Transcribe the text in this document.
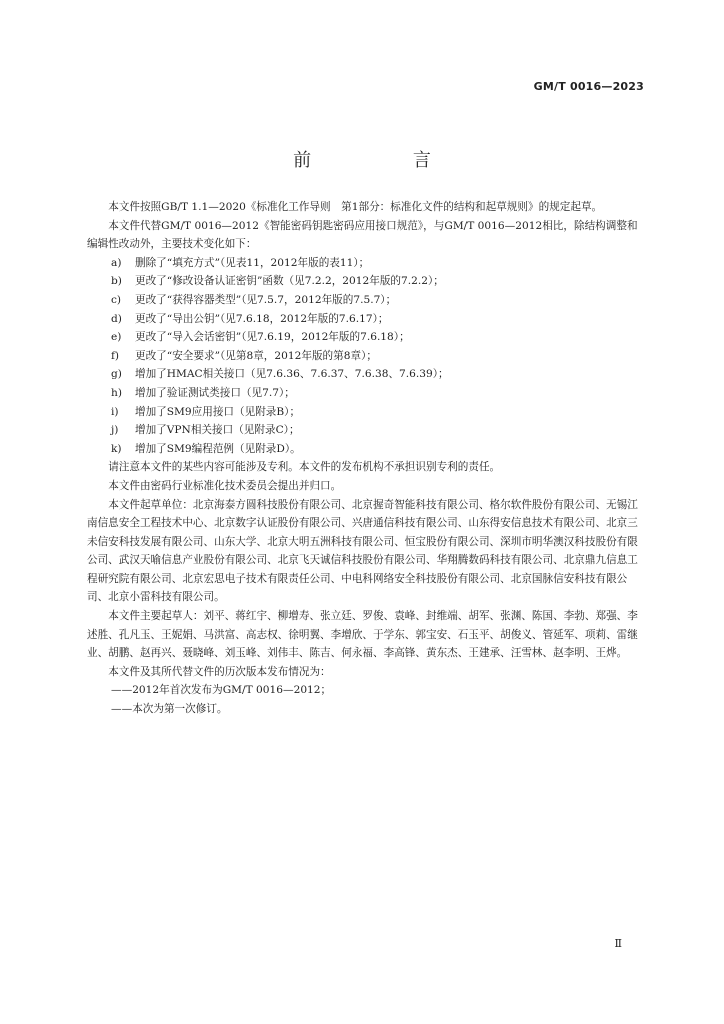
GM/T 0016—2023
前 言

本文件按照GB/T 1.1—2020《标准化工作导则　第1部分：标准化文件的结构和起草规则》的规定起草。

本文件代替GM/T 0016—2012《智能密码钥匙密码应用接口规范》，与GM/T 0016—2012相比，除结构调整和编辑性改动外，主要技术变化如下：

a) 删除了“填充方式”（见表11，2012年版的表11）；
b) 更改了“修改设备认证密钥”函数（见7.2.2，2012年版的7.2.2）；
c) 更改了“获得容器类型”（见7.5.7，2012年版的7.5.7）；
d) 更改了“导出公钥”（见7.6.18，2012年版的7.6.17）；
e) 更改了“导入会话密钥”（见7.6.19，2012年版的7.6.18）；
f) 更改了“安全要求”（见第8章，2012年版的第8章）；
g) 增加了HMAC相关接口（见7.6.36、7.6.37、7.6.38、7.6.39）；
h) 增加了验证测试类接口（见7.7）；
i) 增加了SM9应用接口（见附录B）；
j) 增加了VPN相关接口（见附录C）；
k) 增加了SM9编程范例（见附录D）。

请注意本文件的某些内容可能涉及专利。本文件的发布机构不承担识别专利的责任。

本文件由密码行业标准化技术委员会提出并归口。

本文件起草单位：北京海泰方圆科技股份有限公司、北京握奇智能科技有限公司、格尔软件股份有限公司、无锡江南信息安全工程技术中心、北京数字认证股份有限公司、兴唐通信科技有限公司、山东得安信息技术有限公司、北京三未信安科技发展有限公司、山东大学、北京大明五洲科技有限公司、恒宝股份有限公司、深圳市明华澳汉科技股份有限公司、武汉天喻信息产业股份有限公司、北京飞天诚信科技股份有限公司、华翔腾数码科技有限公司、北京鼎九信息工程研究院有限公司、北京宏思电子技术有限责任公司、中电科网络安全科技股份有限公司、北京国脉信安科技有限公司、北京小雷科技有限公司。

本文件主要起草人：刘平、蒋红宇、柳增寿、张立廷、罗俊、袁峰、封维端、胡军、张渊、陈国、李勃、郑强、李述胜、孔凡玉、王妮娟、马洪富、高志权、徐明翼、李增欣、于学东、郭宝安、石玉平、胡俊义、管延军、项莉、雷继业、胡鹏、赵再兴、聂晓峰、刘玉峰、刘伟丰、陈吉、何永福、李高锋、黄东杰、王建承、汪雪林、赵李明、王烨。

本文件及其所代替文件的历次版本发布情况为：

——2012年首次发布为GM/T 0016—2012；
——本次为第一次修订。
Ⅱ
